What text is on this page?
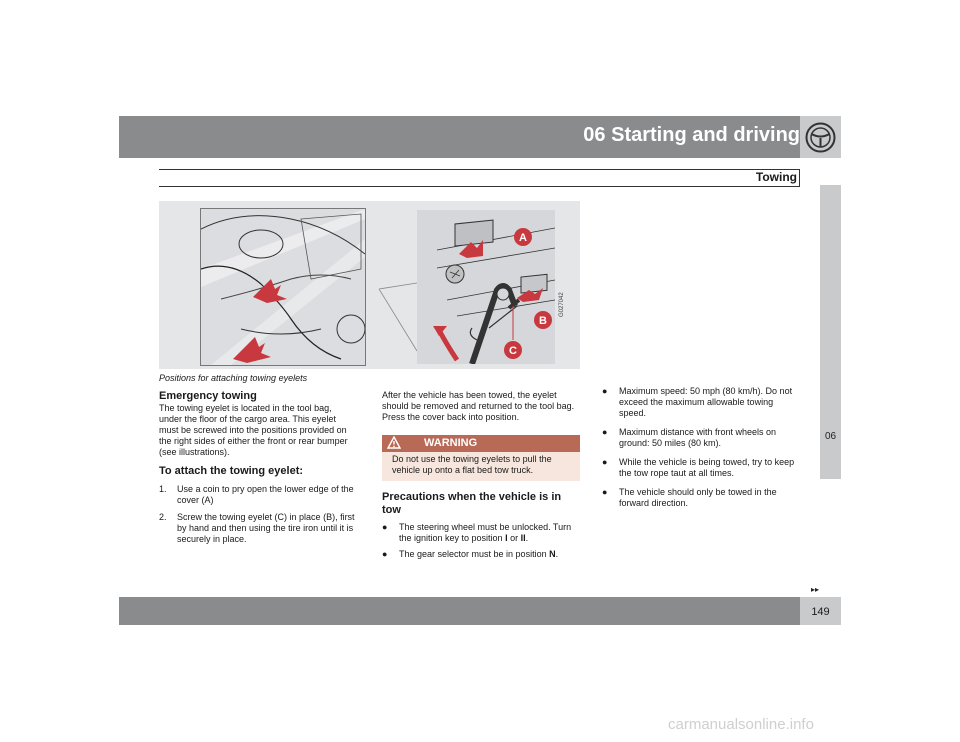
06 Starting and driving
Towing
06
A
B
C
G027042
Positions for attaching towing eyelets

Emergency towing

The towing eyelet is located in the tool bag, under the floor of the cargo area. This eyelet must be screwed into the positions provided on the right sides of either the front or rear bumper (see illustrations).

To attach the towing eyelet:

1. Use a coin to pry open the lower edge of the cover (A)

2. Screw the towing eyelet (C) in place (B), first by hand and then using the tire iron until it is securely in place.

After the vehicle has been towed, the eyelet should be removed and returned to the tool bag. Press the cover back into position.

WARNING
Do not use the towing eyelets to pull the vehicle up onto a flat bed tow truck.

Precautions when the vehicle is in tow

● The steering wheel must be unlocked. Turn the ignition key to position I or II.

● The gear selector must be in position N.

● Maximum speed: 50 mph (80 km/h). Do not exceed the maximum allowable towing speed.

● Maximum distance with front wheels on ground: 50 miles (80 km).

● While the vehicle is being towed, try to keep the tow rope taut at all times.

● The vehicle should only be towed in the forward direction.

▸▸
149
carmanualsonline.info
